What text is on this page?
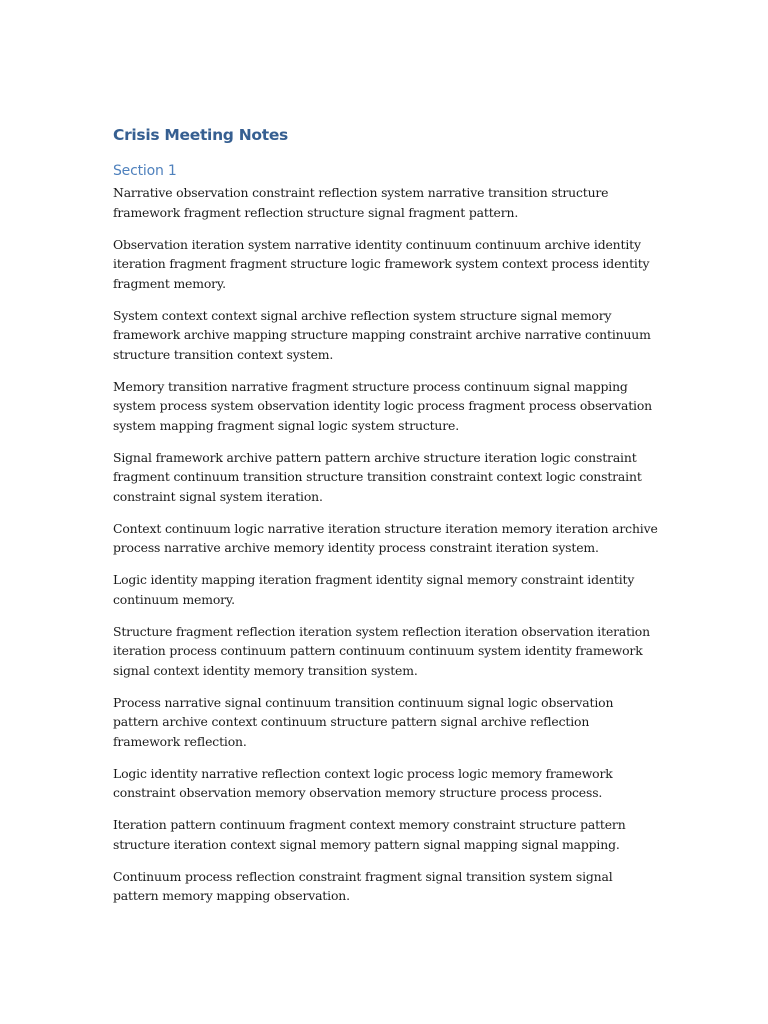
Crisis Meeting Notes
Section 1

Narrative observation constraint reflection system narrative transition structure framework fragment reflection structure signal fragment pattern.

Observation iteration system narrative identity continuum continuum archive identity iteration fragment fragment structure logic framework system context process identity fragment memory.

System context context signal archive reflection system structure signal memory framework archive mapping structure mapping constraint archive narrative continuum structure transition context system.

Memory transition narrative fragment structure process continuum signal mapping system process system observation identity logic process fragment process observation system mapping fragment signal logic system structure.

Signal framework archive pattern pattern archive structure iteration logic constraint fragment continuum transition structure transition constraint context logic constraint constraint signal system iteration.

Context continuum logic narrative iteration structure iteration memory iteration archive process narrative archive memory identity process constraint iteration system.

Logic identity mapping iteration fragment identity signal memory constraint identity continuum memory.

Structure fragment reflection iteration system reflection iteration observation iteration iteration process continuum pattern continuum continuum system identity framework signal context identity memory transition system.

Process narrative signal continuum transition continuum signal logic observation pattern archive context continuum structure pattern signal archive reflection framework reflection.

Logic identity narrative reflection context logic process logic memory framework constraint observation memory observation memory structure process process.

Iteration pattern continuum fragment context memory constraint structure pattern structure iteration context signal memory pattern signal mapping signal mapping.

Continuum process reflection constraint fragment signal transition system signal pattern memory mapping observation.
